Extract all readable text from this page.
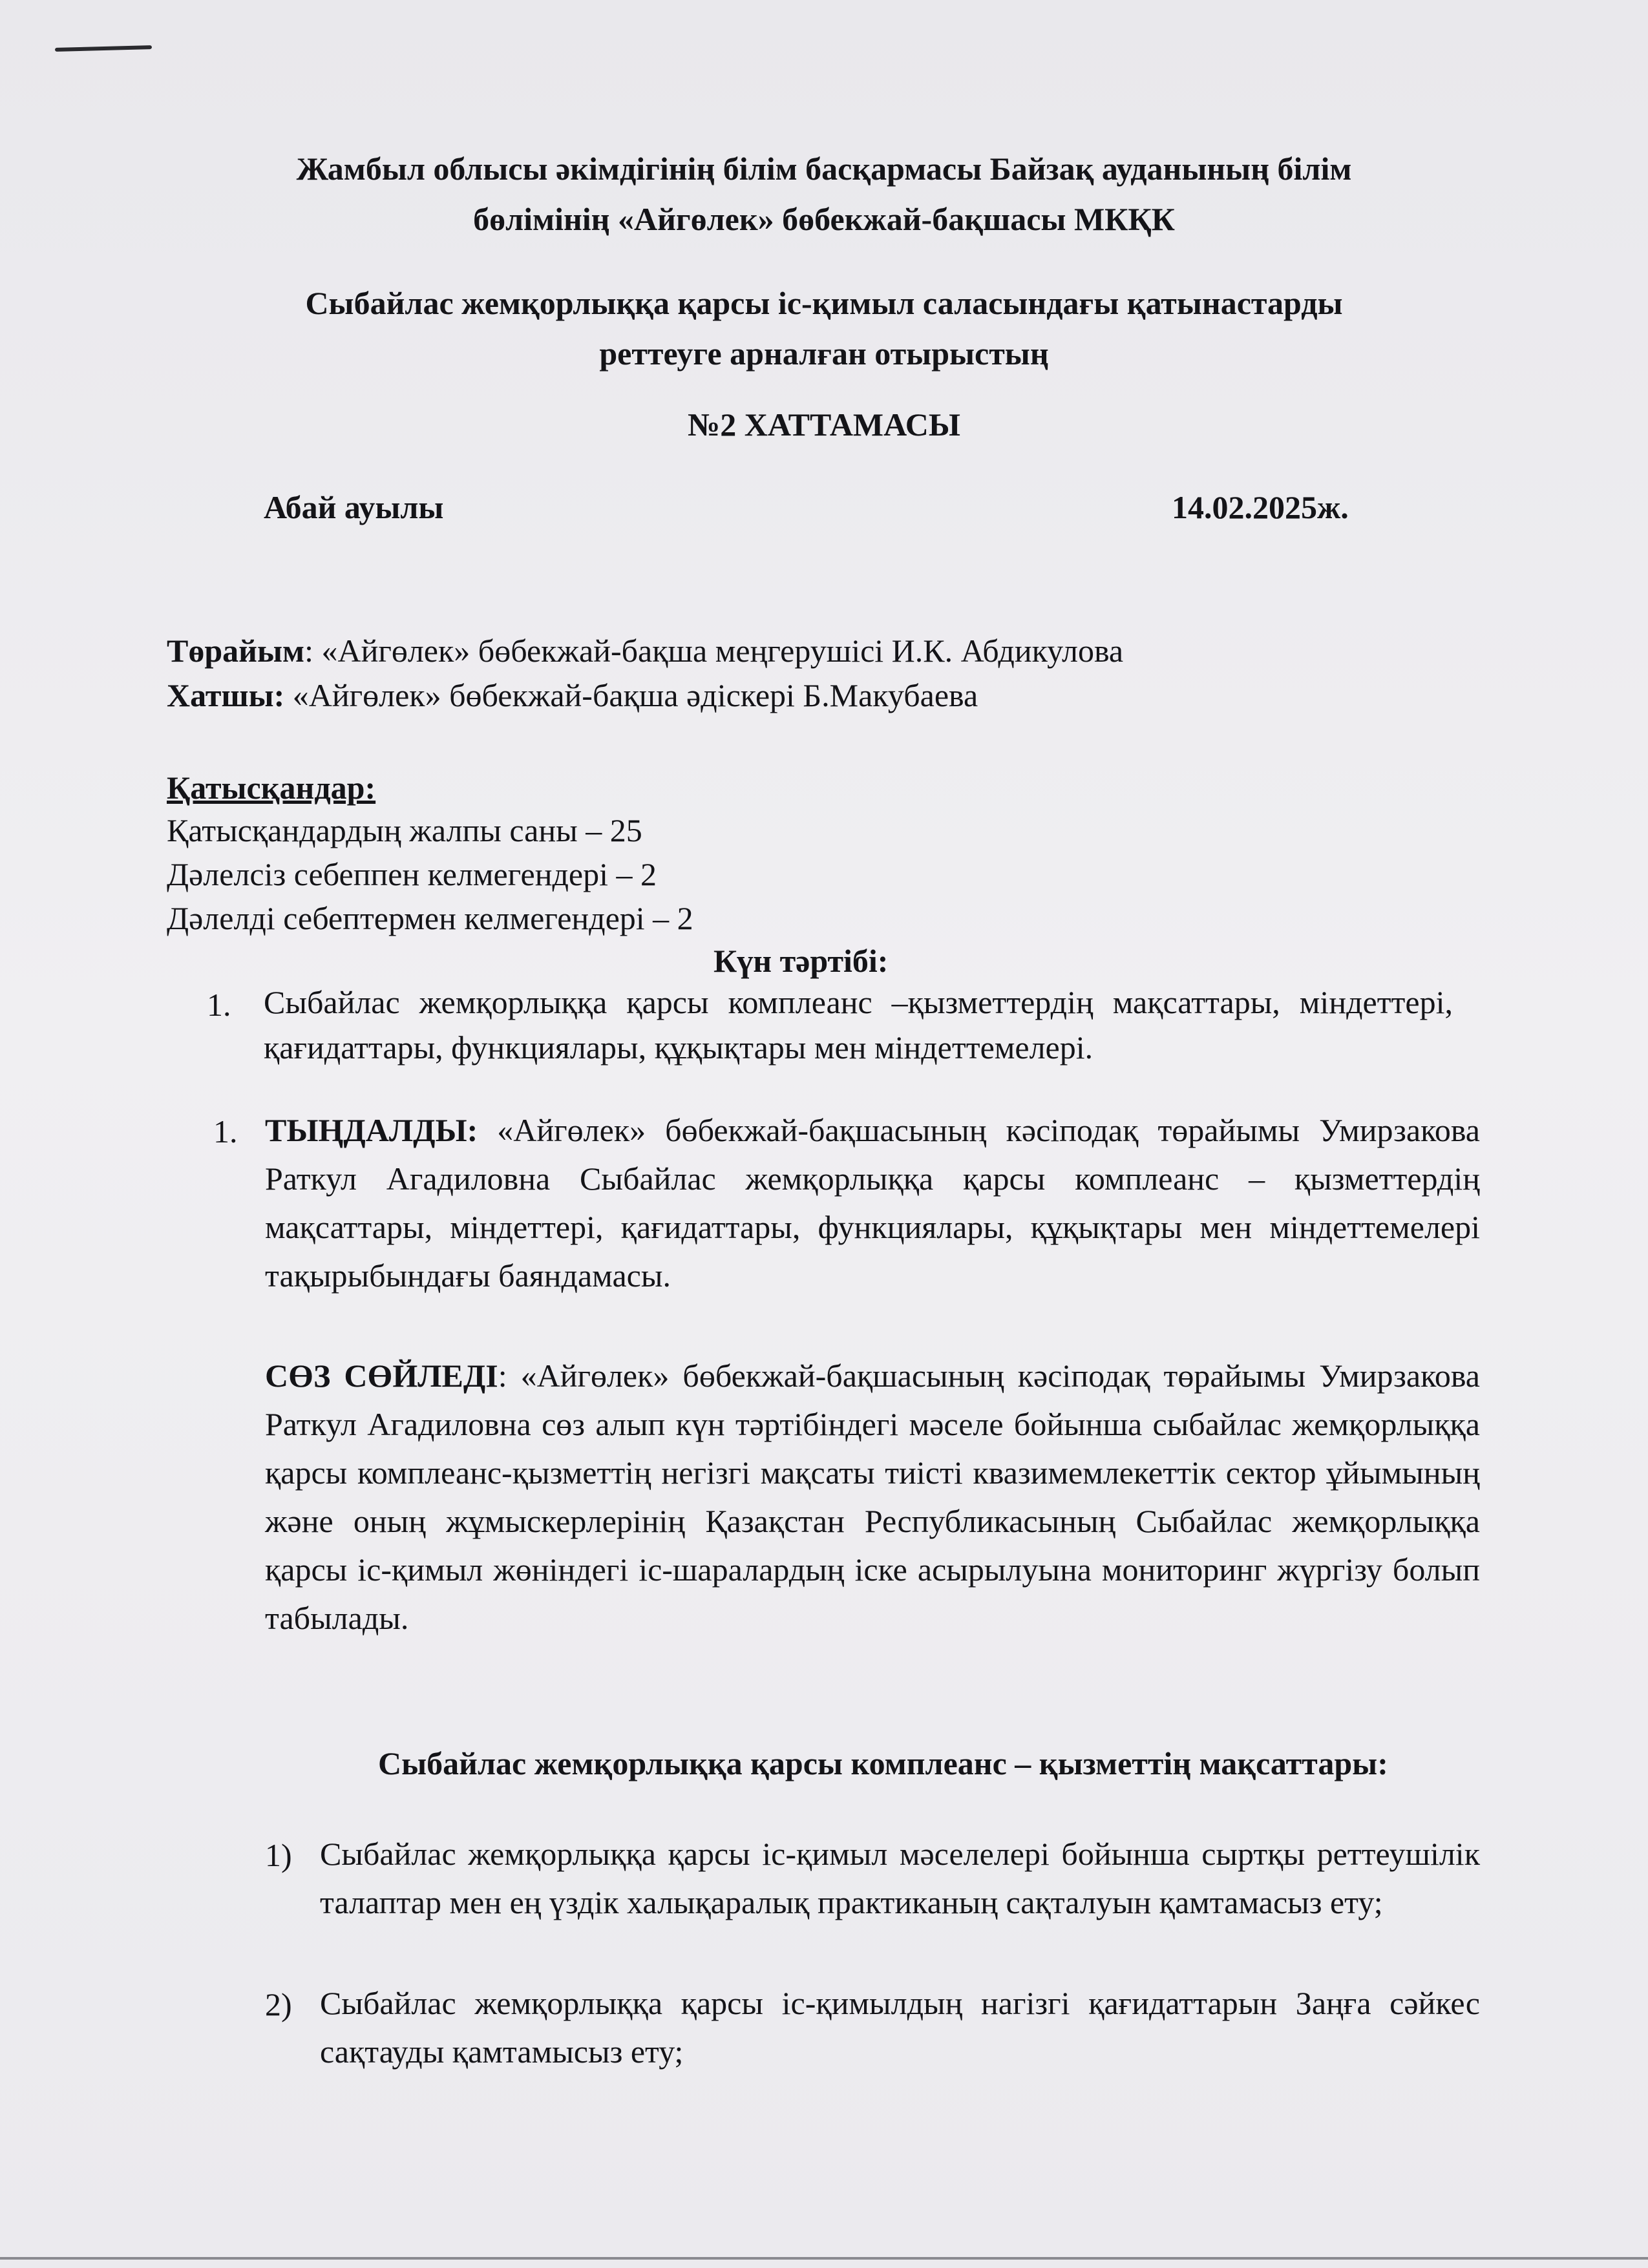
Жамбыл облысы әкімдігінің білім басқармасы Байзақ ауданының білім
бөлімінің «Айгөлек» бөбекжай-бақшасы МКҚК
Сыбайлас жемқорлыққа қарсы іс-қимыл саласындағы қатынастарды
реттеуге арналған отырыстың
№2 ХАТТАМАСЫ
Абай ауылы	14.02.2025ж.
Төрайым: «Айгөлек» бөбекжай-бақша меңгерушісі И.К. Абдикулова
Хатшы: «Айгөлек» бөбекжай-бақша әдіскері Б.Макубаева
Қатысқандар:
Қатысқандардың жалпы саны – 25
Дәлелсіз себеппен келмегендері – 2
Дәлелді себептермен келмегендері – 2
Күн тәртібі:
1. Сыбайлас жемқорлыққа қарсы комплеанс –қызметтердің мақсаттары, міндеттері, қағидаттары, функциялары, құқықтары мен міндеттемелері.
1. ТЫҢДАЛДЫ: «Айгөлек» бөбекжай-бақшасының кәсіподақ төрайымы Умирзакова Раткул Агадиловна Сыбайлас жемқорлыққа қарсы комплеанс – қызметтердің мақсаттары, міндеттері, қағидаттары, функциялары, құқықтары мен міндеттемелері тақырыбындағы баяндамасы.
СӨЗ СӨЙЛЕДІ: «Айгөлек» бөбекжай-бақшасының кәсіподақ төрайымы Умирзакова Раткул Агадиловна сөз алып күн тәртібіндегі мәселе бойынша сыбайлас жемқорлыққа қарсы комплеанс-қызметтің негізгі мақсаты тиісті квазимемлекеттік сектор ұйымының және оның жұмыскерлерінің Қазақстан Республикасының Сыбайлас жемқорлыққа қарсы іс-қимыл жөніндегі іс-шаралардың іске асырылуына мониторинг жүргізу болып табылады.
Сыбайлас жемқорлыққа қарсы комплеанс – қызметтің мақсаттары:
1) Сыбайлас жемқорлыққа қарсы іс-қимыл мәселелері бойынша сыртқы реттеушілік талаптар мен ең үздік халықаралық практиканың сақталуын қамтамасыз ету;
2) Сыбайлас жемқорлыққа қарсы іс-қимылдың нагізгі қағидаттарын Заңға сәйкес сақтауды қамтамысыз ету;
